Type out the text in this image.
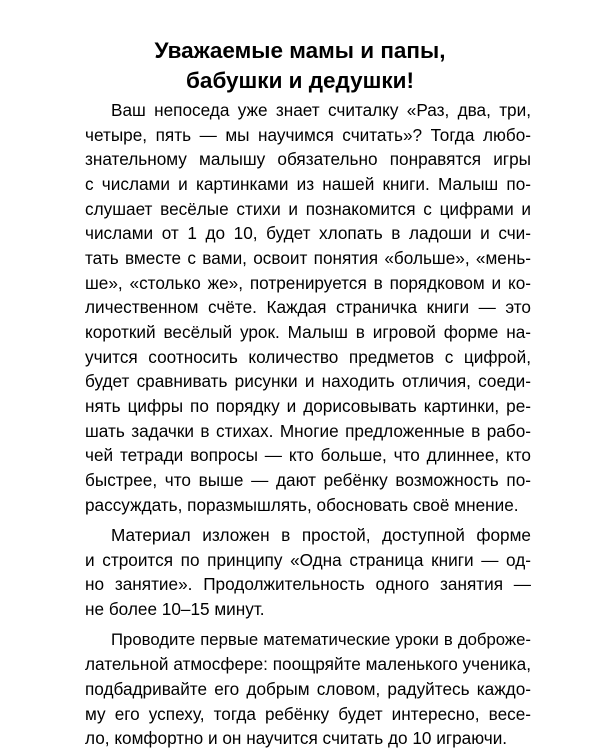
Уважаемые мамы и папы,
бабушки и дедушки!
Ваш непоседа уже знает считалку «Раз, два, три,
четыре, пять — мы научимся считать»? Тогда любо-
знательному малышу обязательно понравятся игры
с числами и картинками из нашей книги. Малыш по-
слушает весёлые стихи и познакомится с цифрами и
числами от 1 до 10, будет хлопать в ладоши и счи-
тать вместе с вами, освоит понятия «больше», «мень-
ше», «столько же», потренируется в порядковом и ко-
личественном счёте. Каждая страничка книги — это
короткий весёлый урок. Малыш в игровой форме на-
учится соотносить количество предметов с цифрой,
будет сравнивать рисунки и находить отличия, соеди-
нять цифры по порядку и дорисовывать картинки, ре-
шать задачки в стихах. Многие предложенные в рабо-
чей тетради вопросы — кто больше, что длиннее, кто
быстрее, что выше — дают ребёнку возможность по-
рассуждать, поразмышлять, обосновать своё мнение.
Материал изложен в простой, доступной форме
и строится по принципу «Одна страница книги — од-
но занятие». Продолжительность одного занятия —
не более 10–15 минут.
Проводите первые математические уроки в доброже-
лательной атмосфере: поощряйте маленького ученика,
подбадривайте его добрым словом, радуйтесь каждо-
му его успеху, тогда ребёнку будет интересно, весе-
ло, комфортно и он научится считать до 10 играючи.
